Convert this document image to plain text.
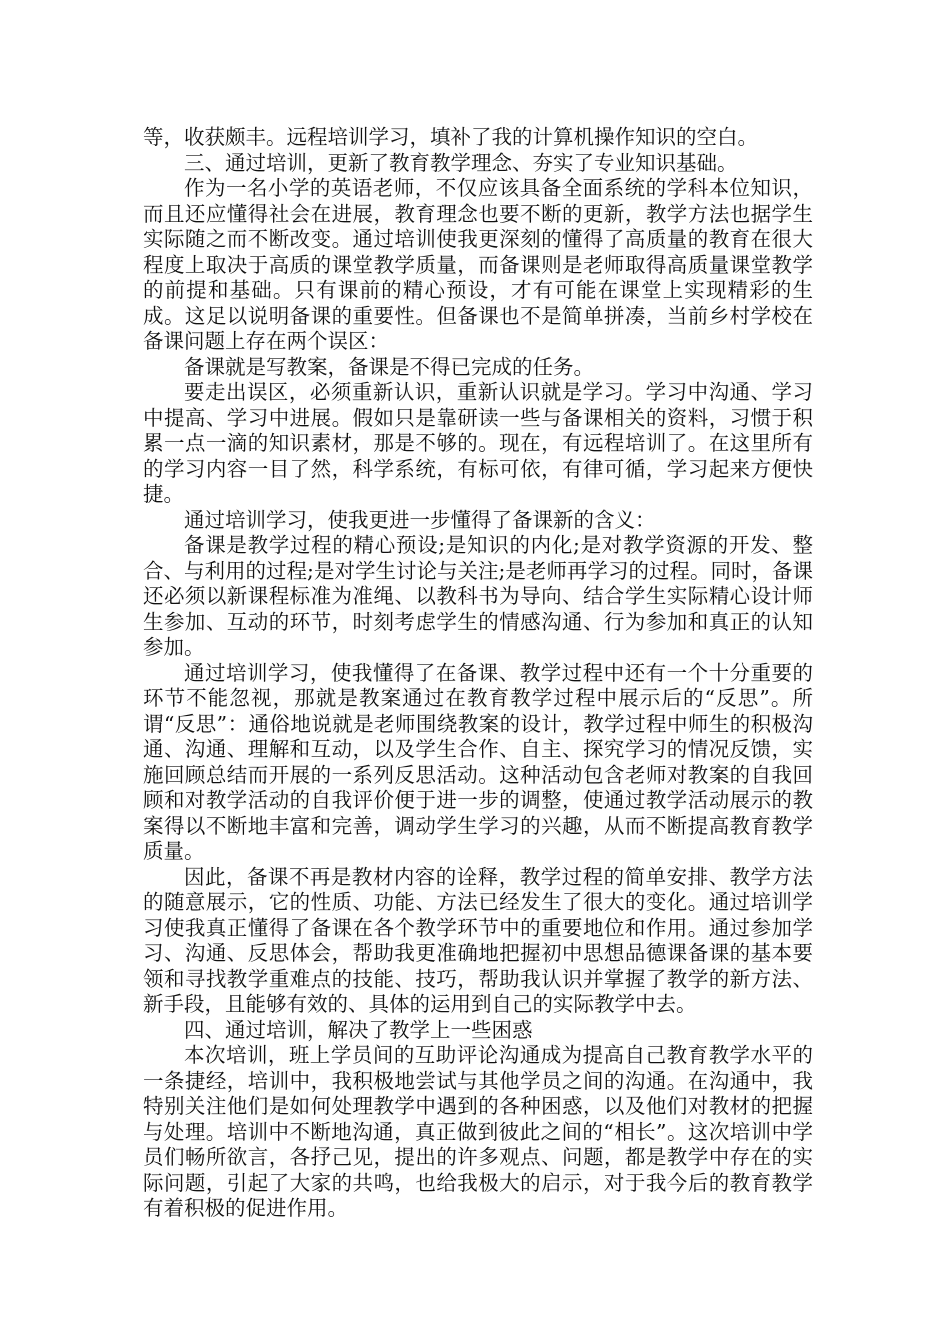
等，收获颇丰。远程培训学习，填补了我的计算机操作知识的空白。

三、通过培训，更新了教育教学理念、夯实了专业知识基础。

作为一名小学的英语老师，不仅应该具备全面系统的学科本位知识，而且还应懂得社会在进展，教育理念也要不断的更新，教学方法也据学生实际随之而不断改变。通过培训使我更深刻的懂得了高质量的教育在很大程度上取决于高质的课堂教学质量，而备课则是老师取得高质量课堂教学的前提和基础。只有课前的精心预设，才有可能在课堂上实现精彩的生成。这足以说明备课的重要性。但备课也不是简单拼凑，当前乡村学校在备课问题上存在两个误区：

备课就是写教案，备课是不得已完成的任务。

要走出误区，必须重新认识，重新认识就是学习。学习中沟通、学习中提高、学习中进展。假如只是靠研读一些与备课相关的资料，习惯于积累一点一滴的知识素材，那是不够的。现在，有远程培训了。在这里所有的学习内容一目了然，科学系统，有标可依，有律可循，学习起来方便快捷。

通过培训学习，使我更进一步懂得了备课新的含义：

备课是教学过程的精心预设;是知识的内化;是对教学资源的开发、整合、与利用的过程;是对学生讨论与关注;是老师再学习的过程。同时，备课还必须以新课程标准为准绳、以教科书为导向、结合学生实际精心设计师生参加、互动的环节，时刻考虑学生的情感沟通、行为参加和真正的认知参加。

通过培训学习，使我懂得了在备课、教学过程中还有一个十分重要的环节不能忽视，那就是教案通过在教育教学过程中展示后的“反思”。所谓“反思”：通俗地说就是老师围绕教案的设计，教学过程中师生的积极沟通、沟通、理解和互动，以及学生合作、自主、探究学习的情况反馈，实施回顾总结而开展的一系列反思活动。这种活动包含老师对教案的自我回顾和对教学活动的自我评价便于进一步的调整，使通过教学活动展示的教案得以不断地丰富和完善，调动学生学习的兴趣，从而不断提高教育教学质量。

因此，备课不再是教材内容的诠释，教学过程的简单安排、教学方法的随意展示，它的性质、功能、方法已经发生了很大的变化。通过培训学习使我真正懂得了备课在各个教学环节中的重要地位和作用。通过参加学习、沟通、反思体会，帮助我更准确地把握初中思想品德课备课的基本要领和寻找教学重难点的技能、技巧，帮助我认识并掌握了教学的新方法、新手段，且能够有效的、具体的运用到自己的实际教学中去。

四、通过培训，解决了教学上一些困惑

本次培训，班上学员间的互助评论沟通成为提高自己教育教学水平的一条捷经，培训中，我积极地尝试与其他学员之间的沟通。在沟通中，我特别关注他们是如何处理教学中遇到的各种困惑，以及他们对教材的把握与处理。培训中不断地沟通，真正做到彼此之间的“相长”。这次培训中学员们畅所欲言，各抒己见，提出的许多观点、问题，都是教学中存在的实际问题，引起了大家的共鸣，也给我极大的启示，对于我今后的教育教学有着积极的促进作用。
